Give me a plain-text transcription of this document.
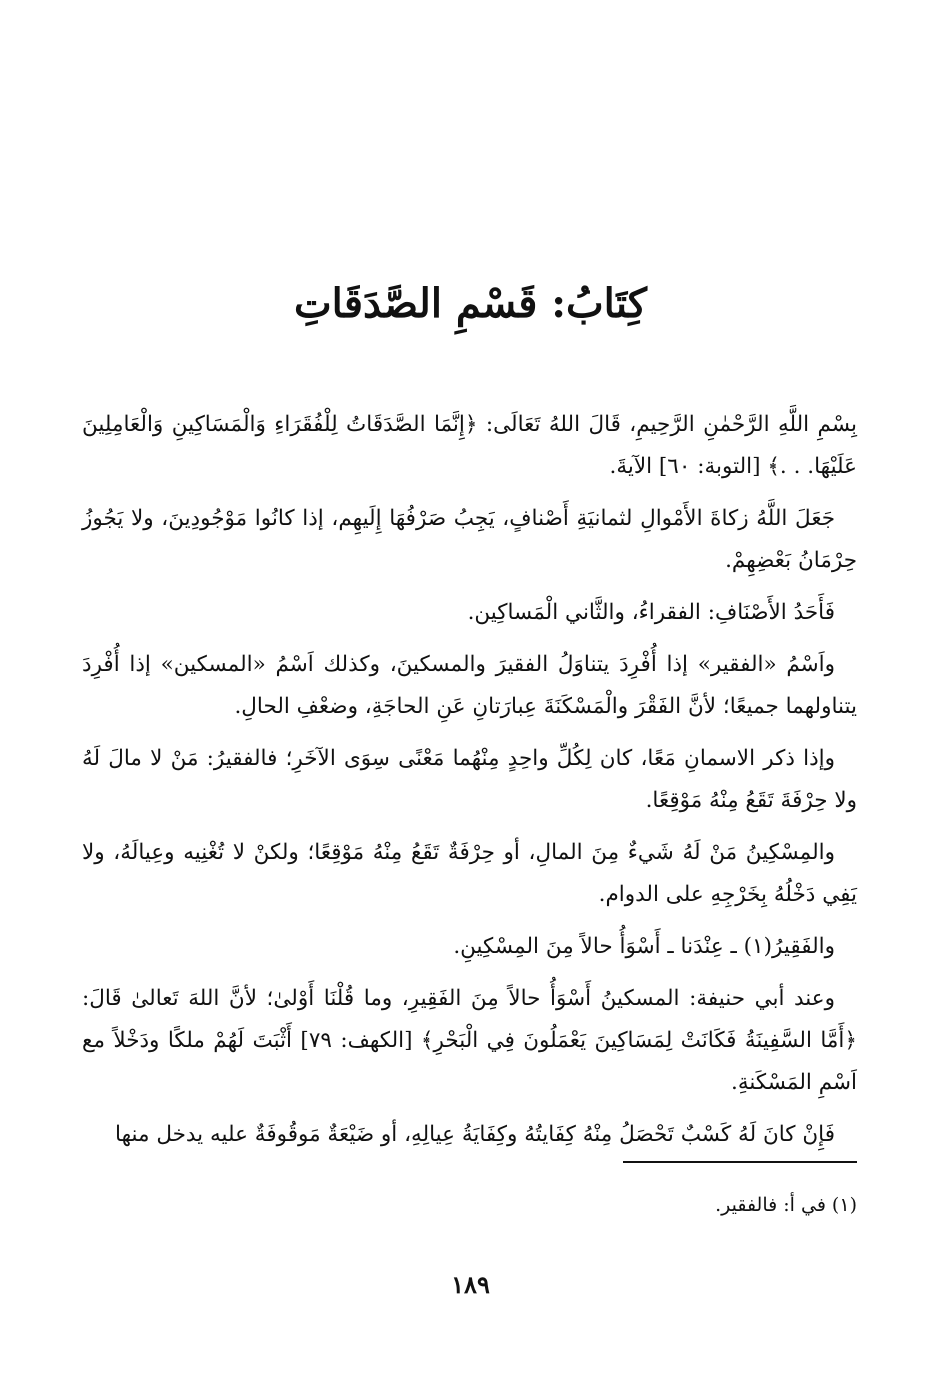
كِتَابُ: قَسْمِ الصَّدَقَاتِ

بِسْمِ اللَّهِ الرَّحْمٰنِ الرَّحِيمِ، قَالَ اللهُ تَعَالَى: ﴿إِنَّمَا الصَّدَقَاتُ لِلْفُقَرَاءِ وَالْمَسَاكِينِ وَالْعَامِلِينَ عَلَيْهَا. . .﴾ [التوبة: ٦٠] الآيةَ.

جَعَلَ اللَّهُ زكاةَ الأَمْوالِ لثمانيَةِ أَصْنافٍ، يَجِبُ صَرْفُهَا إِلَيهِم، إذا كانُوا مَوْجُودِينَ، ولا يَجُوزُ حِرْمَانُ بَعْضِهِمْ.

فَأَحَدُ الأَصْنَافِ: الفقراءُ، والثَّاني الْمَساكِين.

واَسْمُ «الفقير» إذا أُفْرِدَ يتناوَلُ الفقيرَ والمسكينَ، وكذلك اَسْمُ «المسكين» إذا أُفْرِدَ يتناولهما جميعًا؛ لأنَّ الفَقْرَ والْمَسْكَنَةَ عِبارَتانِ عَنِ الحاجَةِ، وضعْفِ الحالِ.

وإذا ذكر الاسمانِ مَعًا، كان لِكُلِّ واحِدٍ مِنْهُما مَعْنًى سِوَى الآخَرِ؛ فالفقيرُ: مَنْ لا مالَ لَهُ ولا حِرْفَةَ تَقَعُ مِنْهُ مَوْقِعًا.

والمِسْكِينُ مَنْ لَهُ شَيءٌ مِنَ المالِ، أو حِرْفَةٌ تَقَعُ مِنْهُ مَوْقِعًا؛ ولكنْ لا تُغْنِيه وعِيالَهُ، ولا يَفِي دَخْلُهُ بِخَرْجِهِ على الدوام.

والفَقِيرُ(١) ـ عِنْدَنا ـ أَسْوَأُ حالاً مِنَ المِسْكِينِ.

وعند أبي حنيفة: المسكينُ أَسْوَأُ حالاً مِنَ الفَقِيرِ، وما قُلْنَا أَوْلىٰ؛ لأنَّ اللهَ تَعالىٰ قَالَ: ﴿أَمَّا السَّفِينَةُ فَكَانَتْ لِمَسَاكِينَ يَعْمَلُونَ فِي الْبَحْرِ﴾ [الكهف: ٧٩] أَثْبَتَ لَهُمْ ملكًا ودَخْلاً مع اَسْمِ المَسْكَنةِ.

فَإِنْ كانَ لَهُ كَسْبٌ تَحْصَلُ مِنْهُ كِفَايتُهُ وكِفَايَةُ عِيالِهِ، أو ضَيْعَةٌ مَوقُوفَةٌ عليه يدخل منها

(١) في أ: فالفقير.

١٨٩
